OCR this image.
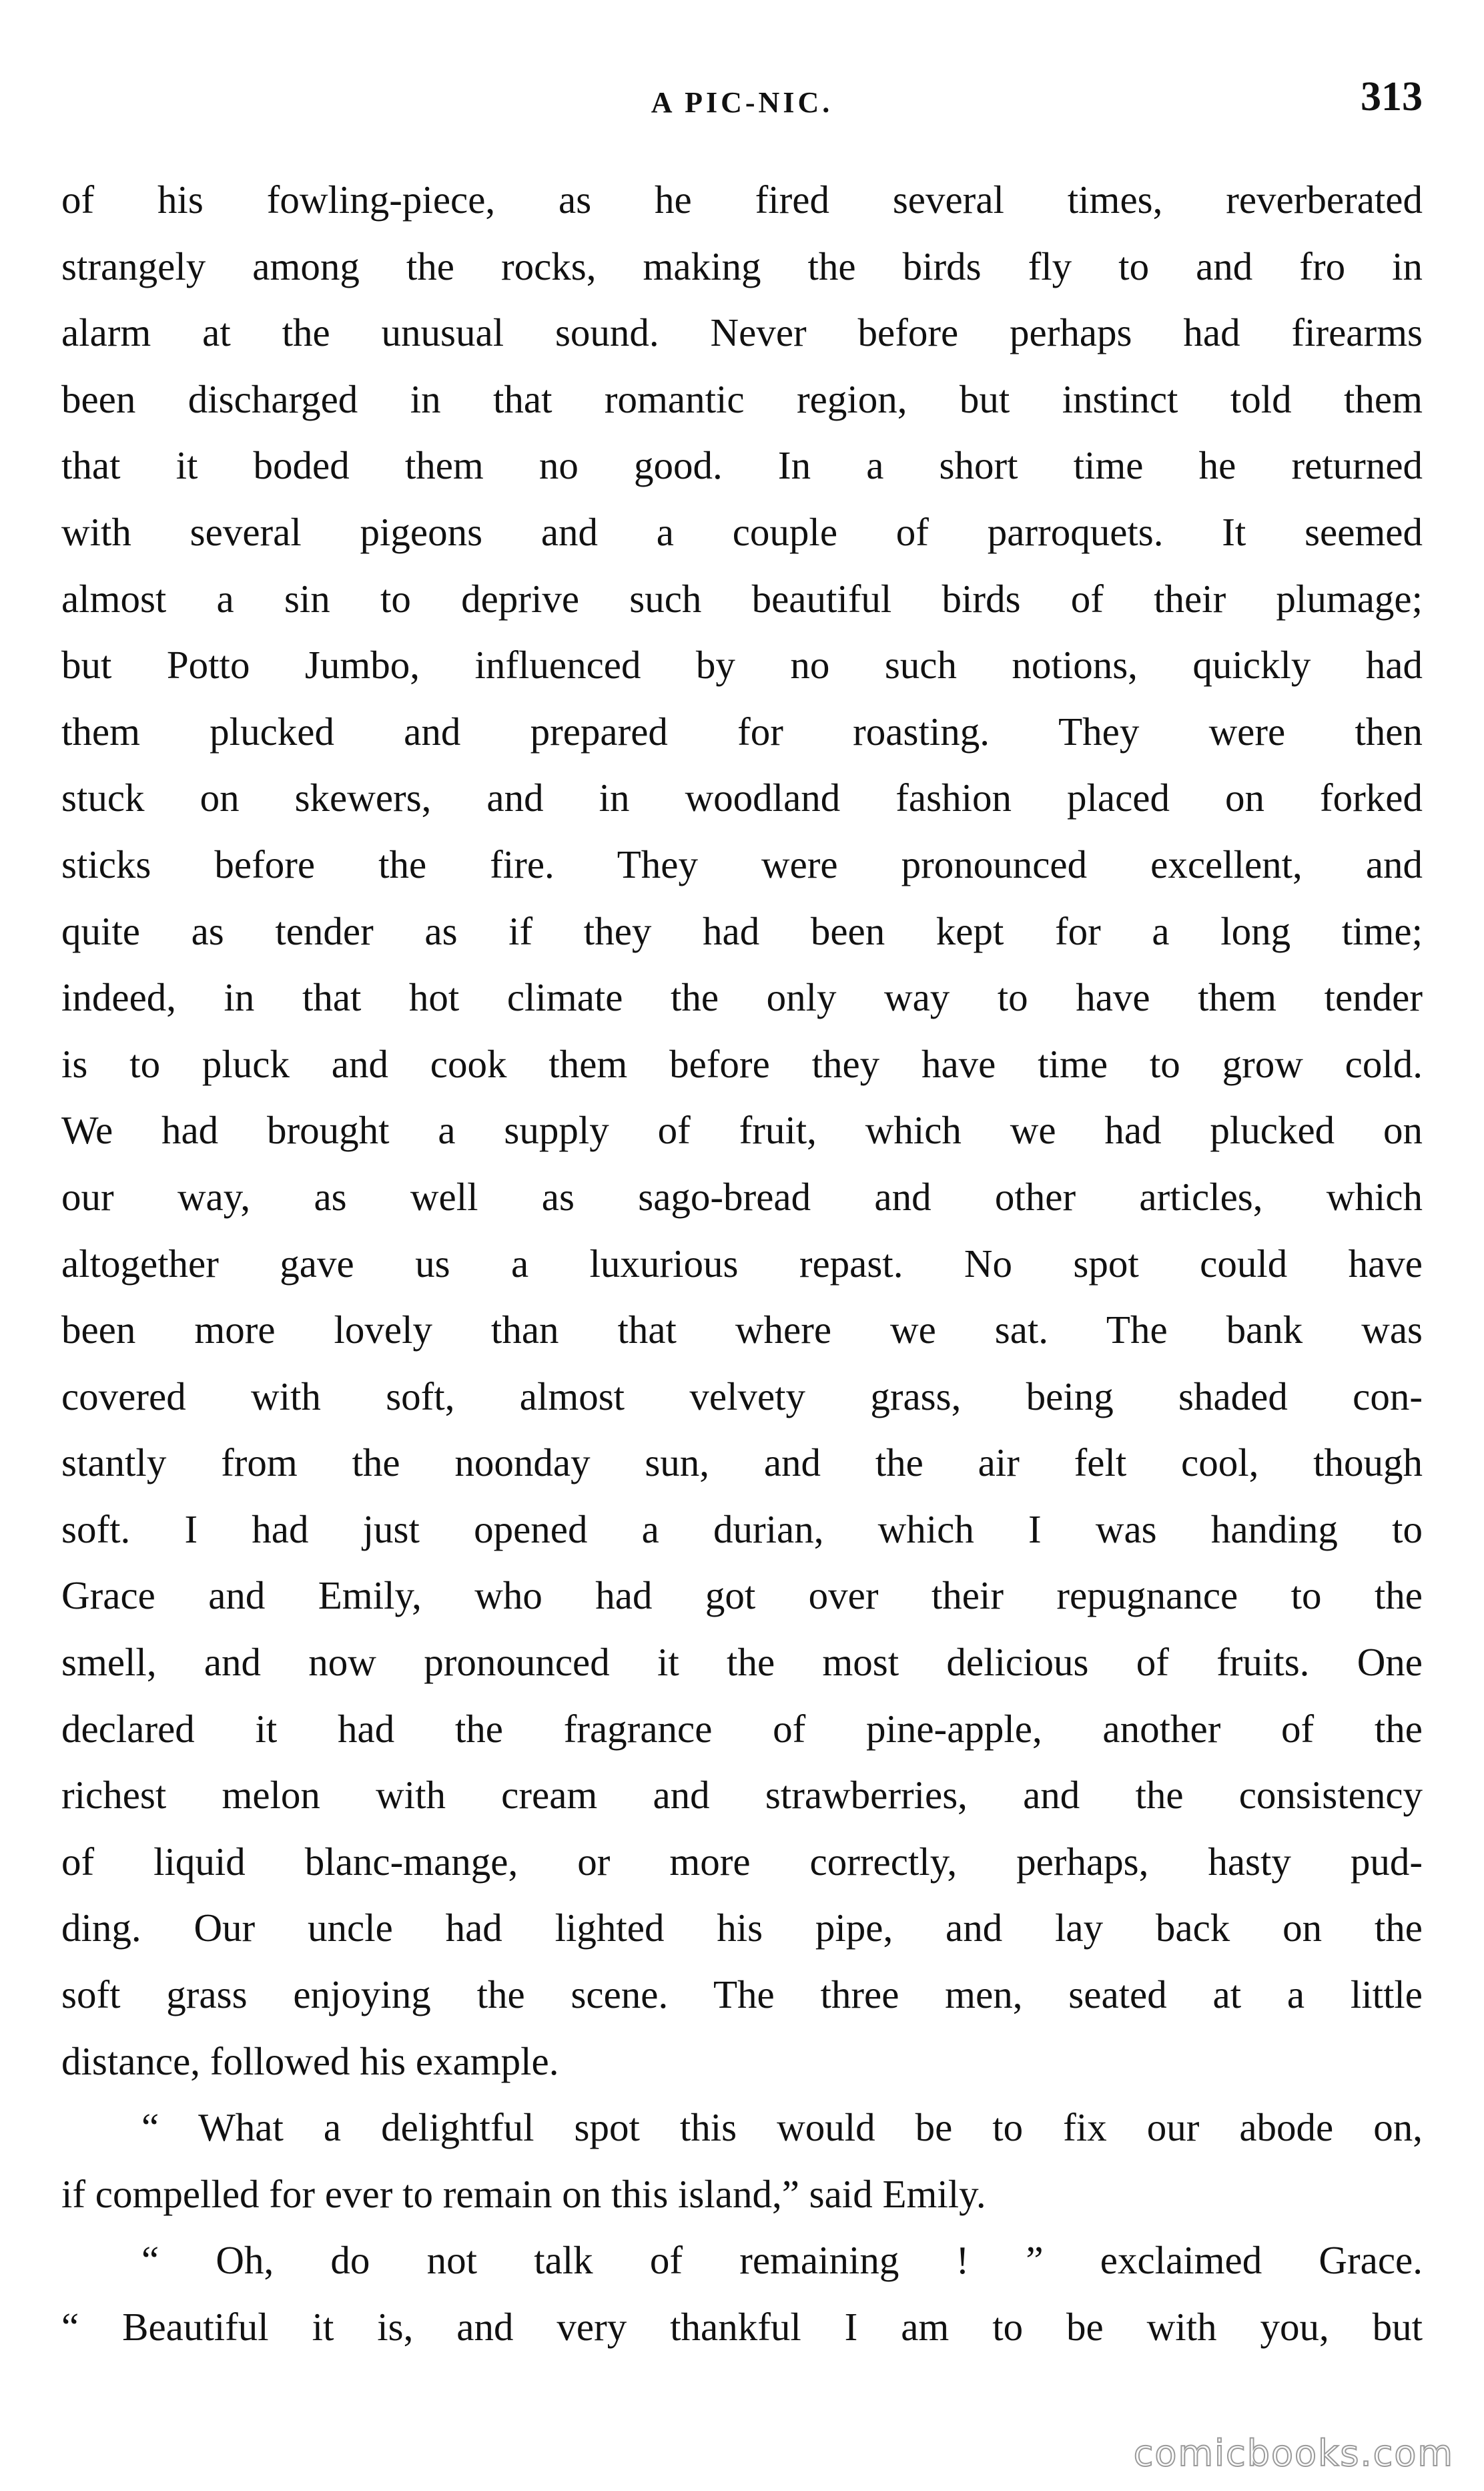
A PIC-NIC.	313
of his fowling-piece, as he fired several times, reverberated
strangely among the rocks, making the birds fly to and fro in
alarm at the unusual sound. Never before perhaps had firearms
been discharged in that romantic region, but instinct told them
that it boded them no good. In a short time he returned
with several pigeons and a couple of parroquets. It seemed
almost a sin to deprive such beautiful birds of their plumage;
but Potto Jumbo, influenced by no such notions, quickly had
them plucked and prepared for roasting. They were then
stuck on skewers, and in woodland fashion placed on forked
sticks before the fire. They were pronounced excellent, and
quite as tender as if they had been kept for a long time;
indeed, in that hot climate the only way to have them tender
is to pluck and cook them before they have time to grow cold.
We had brought a supply of fruit, which we had plucked on
our way, as well as sago-bread and other articles, which
altogether gave us a luxurious repast. No spot could have
been more lovely than that where we sat. The bank was
covered with soft, almost velvety grass, being shaded con-
stantly from the noonday sun, and the air felt cool, though
soft. I had just opened a durian, which I was handing to
Grace and Emily, who had got over their repugnance to the
smell, and now pronounced it the most delicious of fruits. One
declared it had the fragrance of pine-apple, another of the
richest melon with cream and strawberries, and the consistency
of liquid blanc-mange, or more correctly, perhaps, hasty pud-
ding. Our uncle had lighted his pipe, and lay back on the
soft grass enjoying the scene. The three men, seated at a little
distance, followed his example.
“ What a delightful spot this would be to fix our abode on,
if compelled for ever to remain on this island,” said Emily.
“ Oh, do not talk of remaining ! ” exclaimed Grace.
“ Beautiful it is, and very thankful I am to be with you, but
comicbooks.com
